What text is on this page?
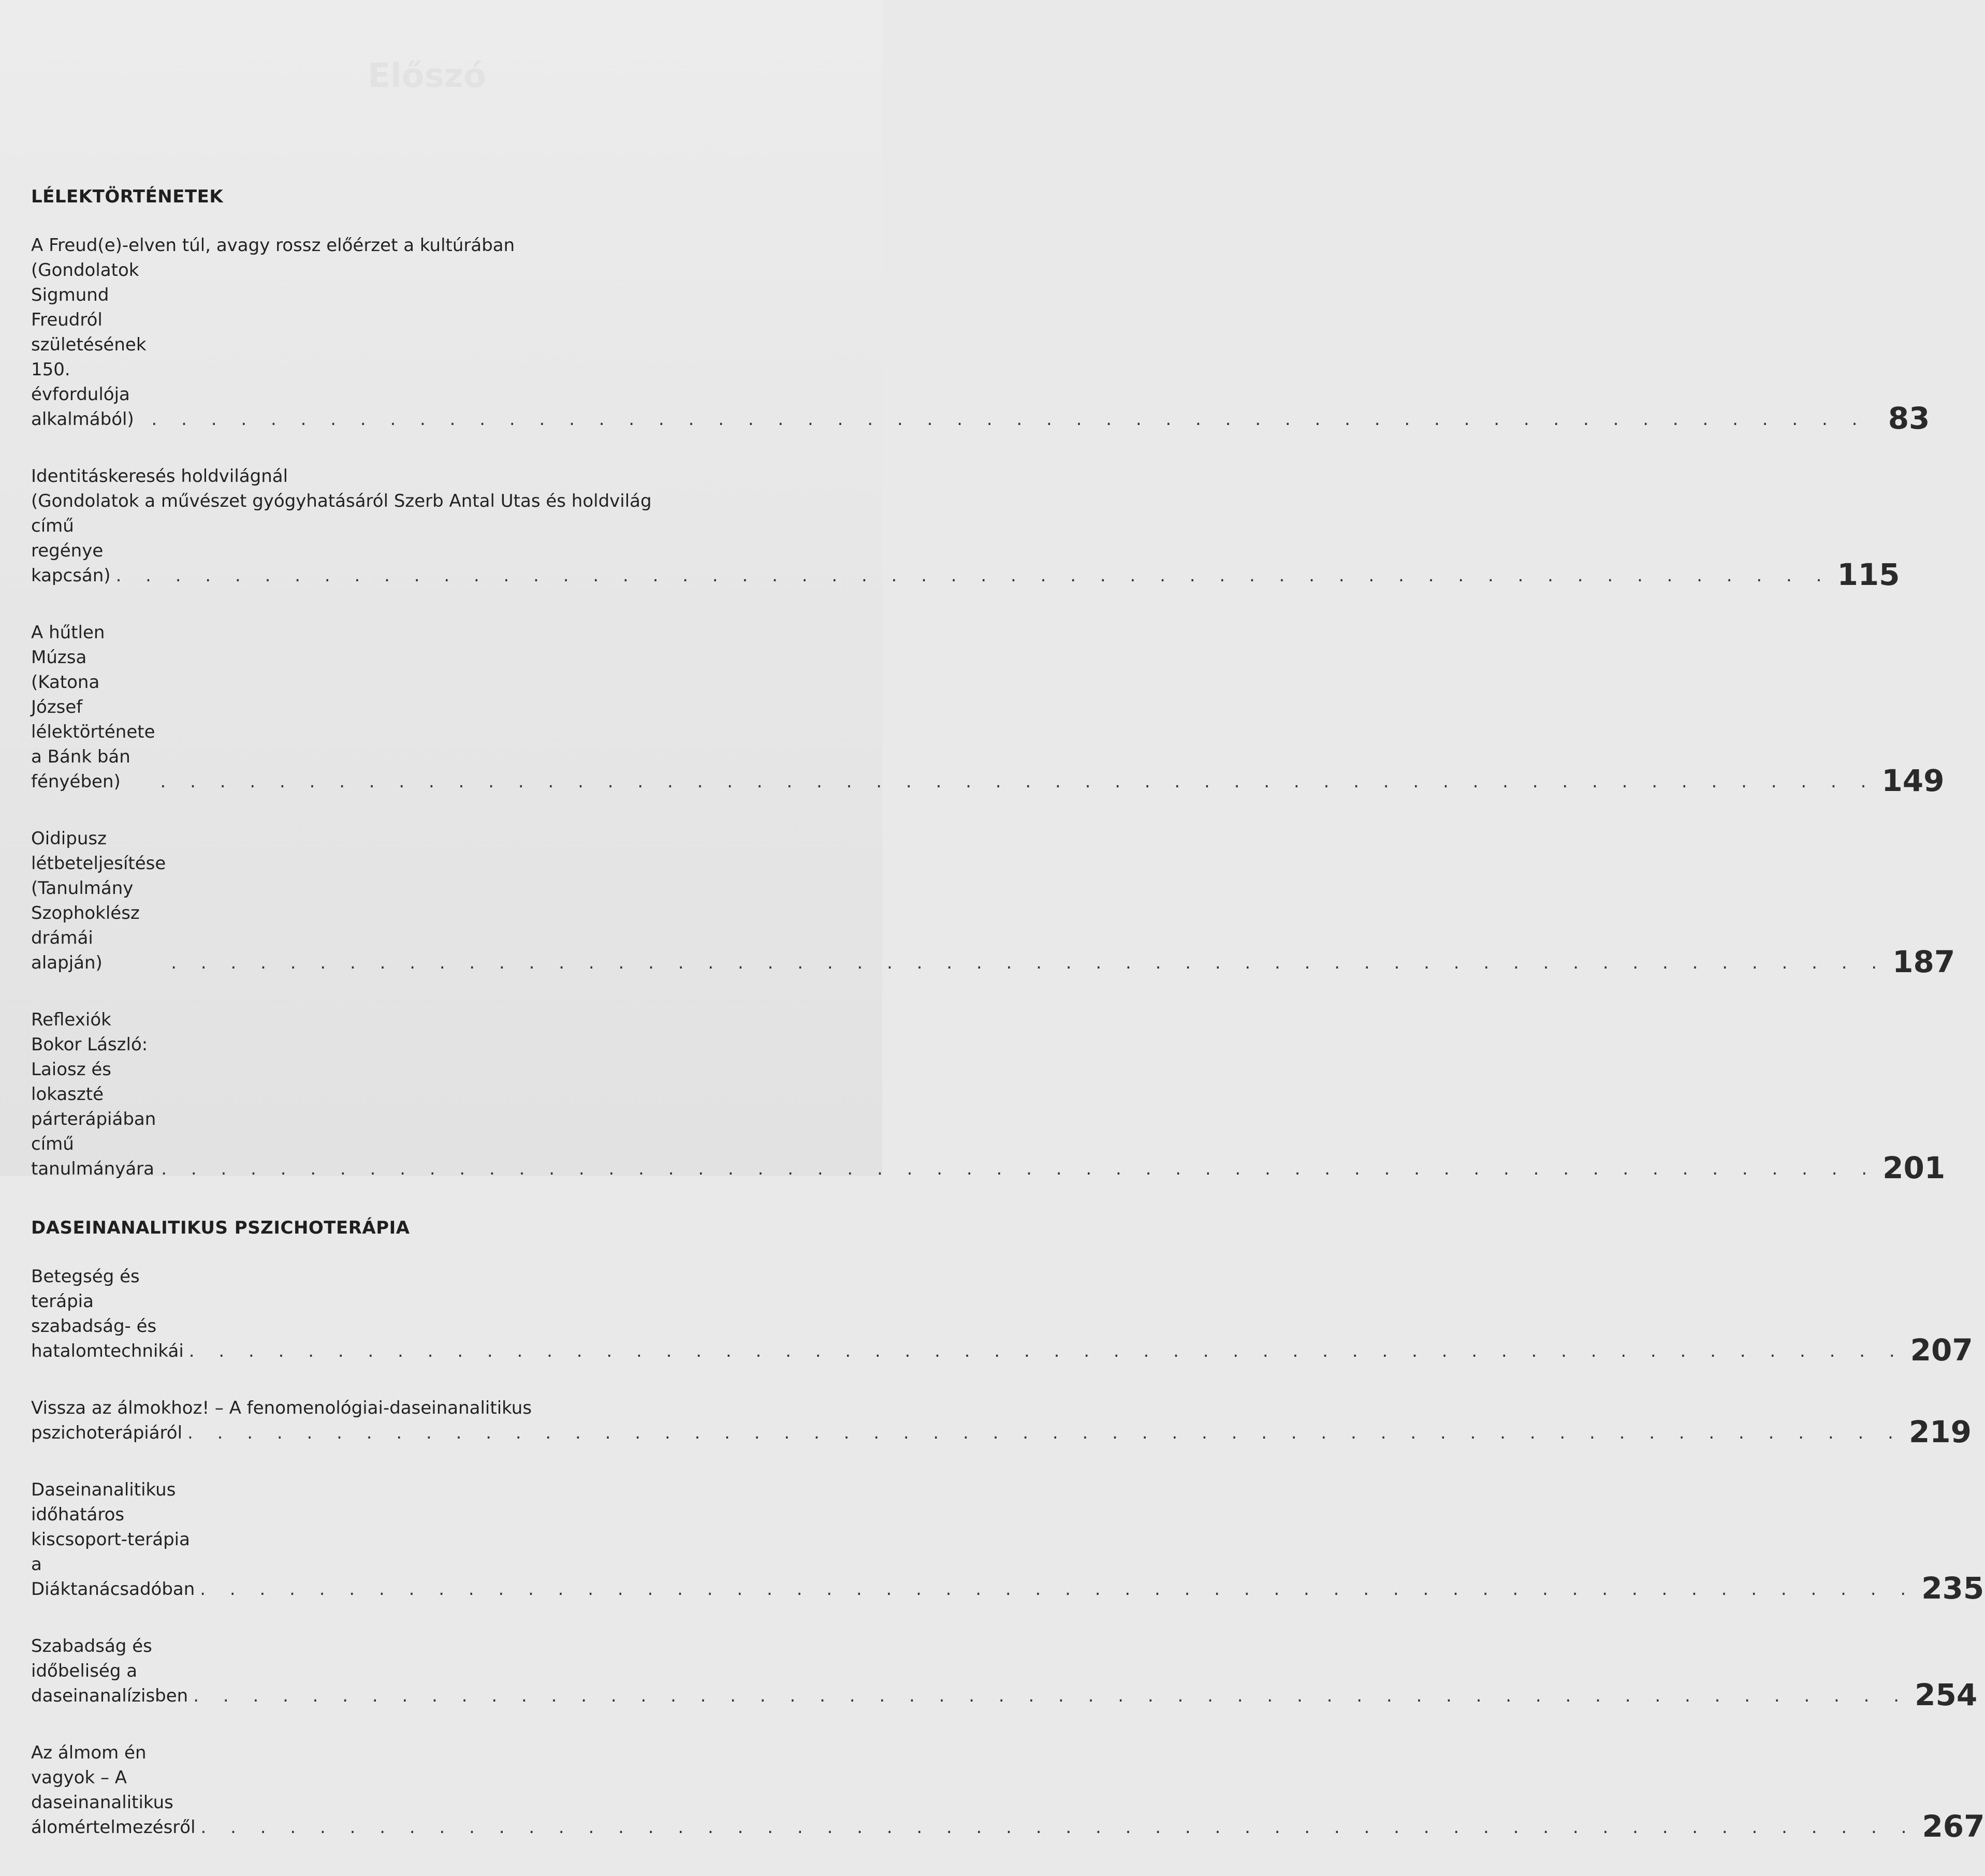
Előszó
LÉLEKTÖRTÉNETEK
A Freud(e)-elven túl, avagy rossz előérzet a kultúrában
(Gondolatok Sigmund Freudról születésének 150. évfordulója alkalmából) . . . . . . . . . . . . . . . . . . . . . . . . . . . . . . . . . . . . . . . . . . . . . . . . . . . . . . . . . . 83
Identitáskeresés holdvilágnál
(Gondolatok a művészet gyógyhatásáról Szerb Antal Utas és holdvilág
című regénye kapcsán) . . . . . . . . . . . . . . . . . . . . . . . . . . . . . . . . . . . . . . . . . . . . . . . . . . . . . . . . . . 115
A hűtlen Múzsa (Katona József lélektörténete a Bánk bán fényében)	. . . . . . . . . . . . . . . . . . . . . . . . . . . . . . . . . . . . . . . . . . . . . . . . . . . . . . . . . . 149
Oidipusz létbeteljesítése (Tanulmány Szophoklész drámái alapján)	. . . . . . . . . . . . . . . . . . . . . . . . . . . . . . . . . . . . . . . . . . . . . . . . . . . . . . . . . . 187
Reflexiók Bokor László: Laiosz és lokaszté párterápiában című tanulmányára . . . . . . . . . . . . . . . . . . . . . . . . . . . . . . . . . . . . . . . . . . . . . . . . . . . . . . . . . . 201
DASEINANALITIKUS PSZICHOTERÁPIA
Betegség és terápia szabadság- és hatalomtechnikái . . . . . . . . . . . . . . . . . . . . . . . . . . . . . . . . . . . . . . . . . . . . . . . . . . . . . . . . . . 207
Vissza az álmokhoz! – A fenomenológiai-daseinanalitikus
pszichoterápiáról . . . . . . . . . . . . . . . . . . . . . . . . . . . . . . . . . . . . . . . . . . . . . . . . . . . . . . . . . . 219
Daseinanalitikus időhatáros kiscsoport-terápia a Diáktanácsadóban . . . . . . . . . . . . . . . . . . . . . . . . . . . . . . . . . . . . . . . . . . . . . . . . . . . . . . . . . . 235
Szabadság és időbeliség a daseinanalízisben . . . . . . . . . . . . . . . . . . . . . . . . . . . . . . . . . . . . . . . . . . . . . . . . . . . . . . . . . . 254
Az álmom én vagyok – A daseinanalitikus álomértelmezésről . . . . . . . . . . . . . . . . . . . . . . . . . . . . . . . . . . . . . . . . . . . . . . . . . . . . . . . . . . 267
